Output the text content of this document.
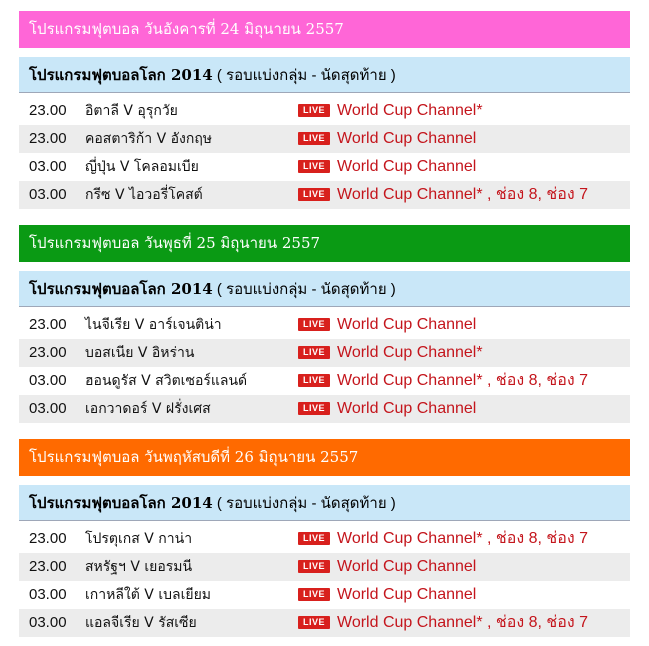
โปรแกรมฟุตบอล วันอังคารที่ 24 มิถุนายน 2557
โปรแกรมฟุตบอลโลก 2014 ( รอบแบ่งกลุ่ม - นัดสุดท้าย )
23.00 อิตาลี V อุรุกวัย	LIVE World Cup Channel*
23.00 คอสตาริก้า V อังกฤษ	LIVE World Cup Channel
03.00 ญี่ปุ่น V โคลอมเบีย	LIVE World Cup Channel
03.00 กรีซ V ไอวอรี่โคสต์	LIVE World Cup Channel* , ช่อง 8, ช่อง 7
โปรแกรมฟุตบอล วันพุธที่ 25 มิถุนายน 2557
โปรแกรมฟุตบอลโลก 2014 ( รอบแบ่งกลุ่ม - นัดสุดท้าย )
23.00 ไนจีเรีย V อาร์เจนติน่า	LIVE World Cup Channel
23.00 บอสเนีย V อิหร่าน	LIVE World Cup Channel*
03.00 ฮอนดูรัส V สวิตเซอร์แลนด์	LIVE World Cup Channel* , ช่อง 8, ช่อง 7
03.00 เอกวาดอร์ V ฝรั่งเศส	LIVE World Cup Channel
โปรแกรมฟุตบอล วันพฤหัสบดีที่ 26 มิถุนายน 2557
โปรแกรมฟุตบอลโลก 2014 ( รอบแบ่งกลุ่ม - นัดสุดท้าย )
23.00 โปรตุเกส V กาน่า	LIVE World Cup Channel* , ช่อง 8, ช่อง 7
23.00 สหรัฐฯ V เยอรมนี	LIVE World Cup Channel
03.00 เกาหลีใต้ V เบลเยียม	LIVE World Cup Channel
03.00 แอลจีเรีย V รัสเซีย	LIVE World Cup Channel* , ช่อง 8, ช่อง 7
